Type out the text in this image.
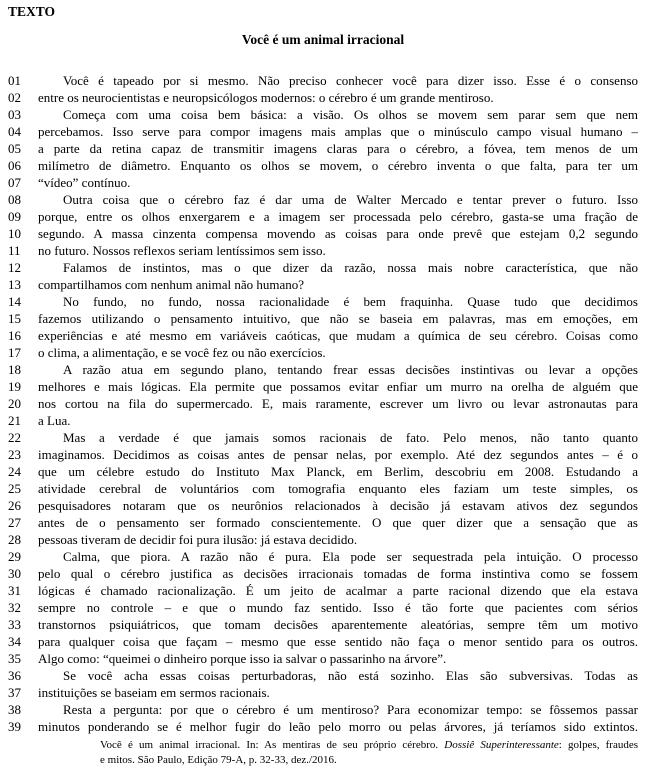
TEXTO
Você é um animal irracional
01	Você é tapeado por si mesmo. Não preciso conhecer você para dizer isso. Esse é o consenso
02	entre os neurocientistas e neuropsicólogos modernos: o cérebro é um grande mentiroso.
03	Começa com uma coisa bem básica: a visão. Os olhos se movem sem parar sem que nem
04	percebamos. Isso serve para compor imagens mais amplas que o minúsculo campo visual humano –
05	a parte da retina capaz de transmitir imagens claras para o cérebro, a fóvea, tem menos de um
06	milímetro de diâmetro. Enquanto os olhos se movem, o cérebro inventa o que falta, para ter um
07	“vídeo” contínuo.
08	Outra coisa que o cérebro faz é dar uma de Walter Mercado e tentar prever o futuro. Isso
09	porque, entre os olhos enxergarem e a imagem ser processada pelo cérebro, gasta-se uma fração de
10	segundo. A massa cinzenta compensa movendo as coisas para onde prevê que estejam 0,2 segundo
11	no futuro. Nossos reflexos seriam lentíssimos sem isso.
12	Falamos de instintos, mas o que dizer da razão, nossa mais nobre característica, que não
13	compartilhamos com nenhum animal não humano?
14	No fundo, no fundo, nossa racionalidade é bem fraquinha. Quase tudo que decidimos
15	fazemos utilizando o pensamento intuitivo, que não se baseia em palavras, mas em emoções, em
16	experiências e até mesmo em variáveis caóticas, que mudam a química de seu cérebro. Coisas como
17	o clima, a alimentação, e se você fez ou não exercícios.
18	A razão atua em segundo plano, tentando frear essas decisões instintivas ou levar a opções
19	melhores e mais lógicas. Ela permite que possamos evitar enfiar um murro na orelha de alguém que
20	nos cortou na fila do supermercado. E, mais raramente, escrever um livro ou levar astronautas para
21	a Lua.
22	Mas a verdade é que jamais somos racionais de fato. Pelo menos, não tanto quanto
23	imaginamos. Decidimos as coisas antes de pensar nelas, por exemplo. Até dez segundos antes – é o
24	que um célebre estudo do Instituto Max Planck, em Berlim, descobriu em 2008. Estudando a
25	atividade cerebral de voluntários com tomografia enquanto eles faziam um teste simples, os
26	pesquisadores notaram que os neurônios relacionados à decisão já estavam ativos dez segundos
27	antes de o pensamento ser formado conscientemente. O que quer dizer que a sensação que as
28	pessoas tiveram de decidir foi pura ilusão: já estava decidido.
29	Calma, que piora. A razão não é pura. Ela pode ser sequestrada pela intuição. O processo
30	pelo qual o cérebro justifica as decisões irracionais tomadas de forma instintiva como se fossem
31	lógicas é chamado racionalização. É um jeito de acalmar a parte racional dizendo que ela estava
32	sempre no controle – e que o mundo faz sentido. Isso é tão forte que pacientes com sérios
33	transtornos psiquiátricos, que tomam decisões aparentemente aleatórias, sempre têm um motivo
34	para qualquer coisa que façam – mesmo que esse sentido não faça o menor sentido para os outros.
35	Algo como: “queimei o dinheiro porque isso ia salvar o passarinho na árvore”.
36	Se você acha essas coisas perturbadoras, não está sozinho. Elas são subversivas. Todas as
37	instituições se baseiam em sermos racionais.
38	Resta a pergunta: por que o cérebro é um mentiroso? Para economizar tempo: se fôssemos passar
39	minutos ponderando se é melhor fugir do leão pelo morro ou pelas árvores, já teríamos sido extintos.
Você é um animal irracional. In: As mentiras de seu próprio cérebro. Dossiê Superinteressante: golpes, fraudes
e mitos. São Paulo, Edição 79-A, p. 32-33, dez./2016.
